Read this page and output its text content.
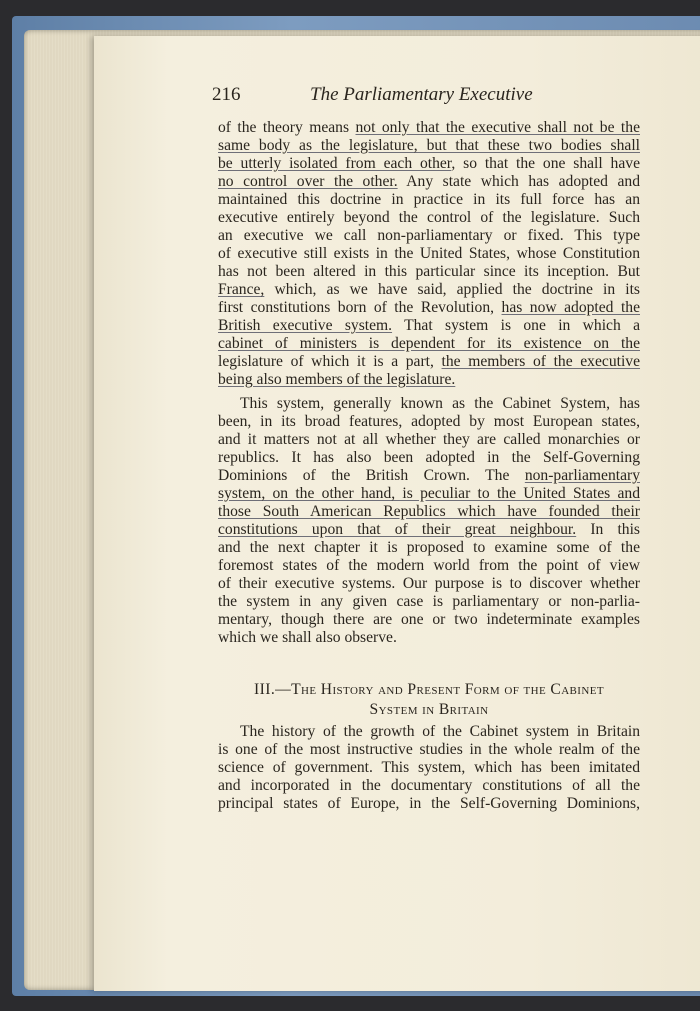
216	The Parliamentary Executive
of the theory means not only that the executive shall not be the
same body as the legislature, but that these two bodies shall
be utterly isolated from each other, so that the one shall have
no control over the other. Any state which has adopted and
maintained this doctrine in practice in its full force has an
executive entirely beyond the control of the legislature. Such
an executive we call non-parliamentary or fixed. This type
of executive still exists in the United States, whose Constitution
has not been altered in this particular since its inception. But
France, which, as we have said, applied the doctrine in its
first constitutions born of the Revolution, has now adopted the
British executive system. That system is one in which a
cabinet of ministers is dependent for its existence on the
legislature of which it is a part, the members of the executive
being also members of the legislature.
This system, generally known as the Cabinet System, has
been, in its broad features, adopted by most European states,
and it matters not at all whether they are called monarchies or
republics. It has also been adopted in the Self-Governing
Dominions of the British Crown. The non-parliamentary
system, on the other hand, is peculiar to the United States and
those South American Republics which have founded their
constitutions upon that of their great neighbour. In this
and the next chapter it is proposed to examine some of the
foremost states of the modern world from the point of view
of their executive systems. Our purpose is to discover whether
the system in any given case is parliamentary or non-parlia-
mentary, though there are one or two indeterminate examples
which we shall also observe.
III.—The History and Present Form of the Cabinet
System in Britain
The history of the growth of the Cabinet system in Britain
is one of the most instructive studies in the whole realm of the
science of government. This system, which has been imitated
and incorporated in the documentary constitutions of all the
principal states of Europe, in the Self-Governing Dominions,
